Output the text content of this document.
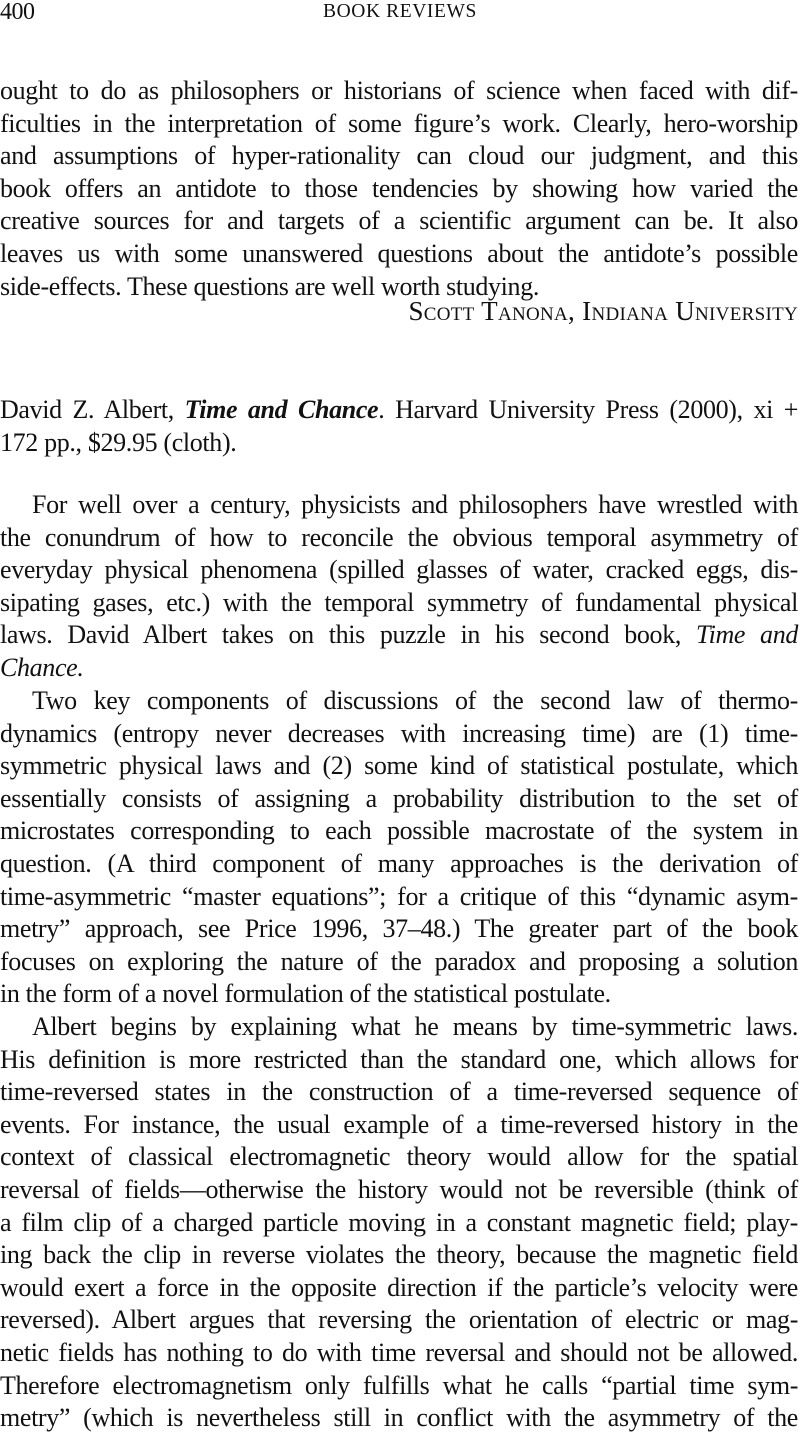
400	BOOK REVIEWS
ought to do as philosophers or historians of science when faced with dif-
ficulties in the interpretation of some figure’s work. Clearly, hero-worship
and assumptions of hyper-rationality can cloud our judgment, and this
book offers an antidote to those tendencies by showing how varied the
creative sources for and targets of a scientific argument can be. It also
leaves us with some unanswered questions about the antidote’s possible
side-effects. These questions are well worth studying.
Scott Tanona, Indiana University
David Z. Albert, Time and Chance. Harvard University Press (2000), xi +
172 pp., $29.95 (cloth).
For well over a century, physicists and philosophers have wrestled with
the conundrum of how to reconcile the obvious temporal asymmetry of
everyday physical phenomena (spilled glasses of water, cracked eggs, dis-
sipating gases, etc.) with the temporal symmetry of fundamental physical
laws. David Albert takes on this puzzle in his second book, Time and
Chance.
Two key components of discussions of the second law of thermo-
dynamics (entropy never decreases with increasing time) are (1) time-
symmetric physical laws and (2) some kind of statistical postulate, which
essentially consists of assigning a probability distribution to the set of
microstates corresponding to each possible macrostate of the system in
question. (A third component of many approaches is the derivation of
time-asymmetric “master equations”; for a critique of this “dynamic asym-
metry” approach, see Price 1996, 37–48.) The greater part of the book
focuses on exploring the nature of the paradox and proposing a solution
in the form of a novel formulation of the statistical postulate.
Albert begins by explaining what he means by time-symmetric laws.
His definition is more restricted than the standard one, which allows for
time-reversed states in the construction of a time-reversed sequence of
events. For instance, the usual example of a time-reversed history in the
context of classical electromagnetic theory would allow for the spatial
reversal of fields—otherwise the history would not be reversible (think of
a film clip of a charged particle moving in a constant magnetic field; play-
ing back the clip in reverse violates the theory, because the magnetic field
would exert a force in the opposite direction if the particle’s velocity were
reversed). Albert argues that reversing the orientation of electric or mag-
netic fields has nothing to do with time reversal and should not be allowed.
Therefore electromagnetism only fulfills what he calls “partial time sym-
metry” (which is nevertheless still in conflict with the asymmetry of the
